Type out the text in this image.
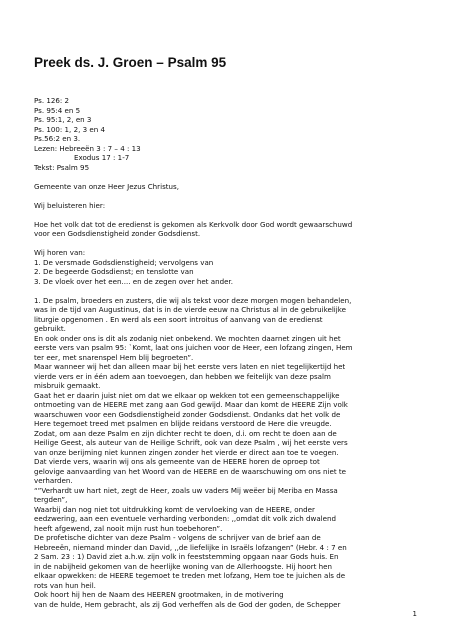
Preek ds. J. Groen – Psalm 95
Ps. 126: 2
Ps. 95:4 en 5
Ps. 95:1, 2, en 3
Ps. 100: 1, 2, 3 en 4
Ps.56:2 en 3.
Lezen: Hebreeën 3 : 7 – 4 : 13
Exodus 17 : 1-7
Tekst: Psalm 95
Gemeente van onze Heer Jezus Christus,
Wij beluisteren hier:
Hoe het volk dat tot de eredienst is gekomen als Kerkvolk door God wordt gewaarschuwd
voor een Godsdienstigheid zonder Godsdienst.
Wij horen van:
1. De versmade Godsdienstigheid; vervolgens van
2. De begeerde Godsdienst; en tenslotte van
3. De vloek over het een.... en de zegen over het ander.
1. De psalm, broeders en zusters, die wij als tekst voor deze morgen mogen behandelen,
was in de tijd van Augustinus, dat is in de vierde eeuw na Christus al in de gebruikelijke
liturgie opgenomen . En werd als een soort introitus of aanvang van de eredienst
gebruikt.
En ook onder ons is dit als zodanig niet onbekend. We mochten daarnet zingen uit het
eerste vers van psalm 95: `Komt, laat ons juichen voor de Heer, een lofzang zingen, Hem
ter eer, met snarenspel Hem blij begroeten”.
Maar wanneer wij het dan alleen maar bij het eerste vers laten en niet tegelijkertijd het
vierde vers er in één adem aan toevoegen, dan hebben we feitelijk van deze psalm
misbruik gemaakt.
Gaat het er daarin juist niet om dat we elkaar op wekken tot een gemeenschappelijke
ontmoeting van de HEERE met zang aan God gewijd. Maar dan komt de HEERE Zijn volk
waarschuwen voor een Godsdienstigheid zonder Godsdienst. Ondanks dat het volk de
Here tegemoet treed met psalmen en blijde reidans verstoord de Here die vreugde.
Zodat, om aan deze Psalm en zijn dichter recht te doen, d.i. om recht te doen aan de
Heilige Geest, als auteur van de Heilige Schrift, ook van deze Psalm , wij het eerste vers
van onze berijming niet kunnen zingen zonder het vierde er direct aan toe te voegen.
Dat vierde vers, waarin wij ons als gemeente van de HEERE horen de oproep tot
gelovige aanvaarding van het Woord van de HEERE en de waarschuwing om ons niet te
verharden.
“”Verhardt uw hart niet, zegt de Heer, zoals uw vaders Mij weëer bij Meriba en Massa
tergden”,
Waarbij dan nog niet tot uitdrukking komt de vervloeking van de HEERE, onder
eedzwering, aan een eventuele verharding verbonden: ,,omdat dit volk zich dwalend
heeft afgewend, zal nooit mijn rust hun toebehoren”.
De profetische dichter van deze Psalm - volgens de schrijver van de brief aan de
Hebreeën, niemand minder dan David, ,,de liefelijke in Israëls lofzangen” (Hebr. 4 : 7 en
2 Sam. 23 : 1) David ziet a.h.w. zijn volk in feeststemming opgaan naar Gods huis. En
in de nabijheid gekomen van de heerlijke woning van de Allerhoogste. Hij hoort hen
elkaar opwekken: de HEERE tegemoet te treden met lofzang, Hem toe te juichen als de
rots van hun heil.
Ook hoort hij hen de Naam des HEEREN grootmaken, in de motivering
van de hulde, Hem gebracht, als zij God verheffen als de God der goden, de Schepper
1
